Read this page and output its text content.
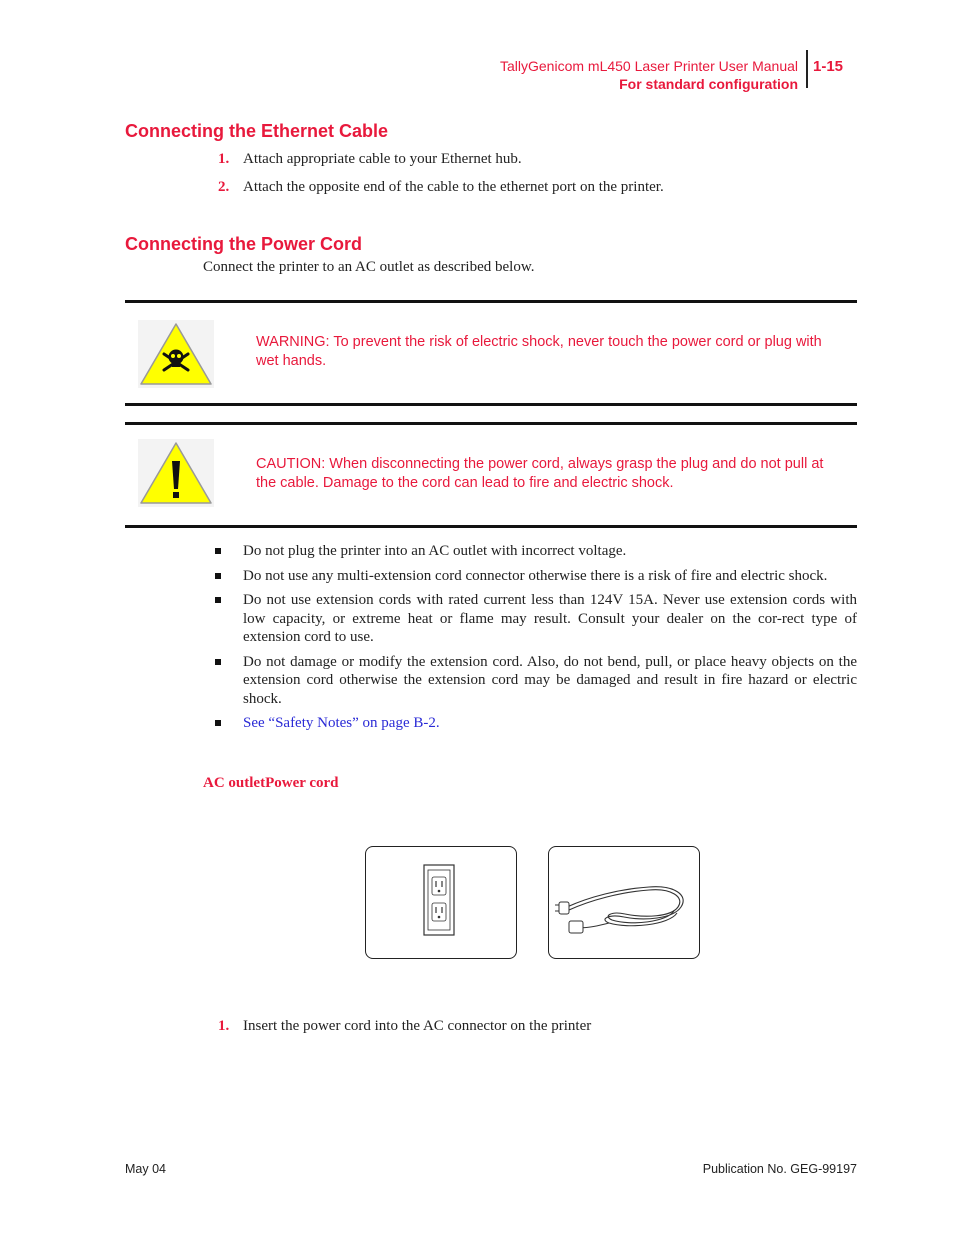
TallyGenicom mL450 Laser Printer User Manual
For standard configuration
1-15
Connecting the Ethernet Cable
1. Attach appropriate cable to your Ethernet hub.
2. Attach the opposite end of the cable to the ethernet port on the printer.
Connecting the Power Cord
Connect the printer to an AC outlet as described below.
WARNING: To prevent the risk of electric shock, never touch the power cord or plug with wet hands.
CAUTION: When disconnecting the power cord, always grasp the plug and do not pull at the cable. Damage to the cord can lead to fire and electric shock.
Do not plug the printer into an AC outlet with incorrect voltage.
Do not use any multi-extension cord connector otherwise there is a risk of fire and electric shock.
Do not use extension cords with rated current less than 124V 15A. Never use extension cords with low capacity, or extreme heat or flame may result. Consult your dealer on the cor-rect type of extension cord to use.
Do not damage or modify the extension cord. Also, do not bend, pull, or place heavy objects on the extension cord otherwise the extension cord may be damaged and result in fire hazard or electric shock.
See “Safety Notes” on page B-2.
AC outletPower cord
1. Insert the power cord into the AC connector on the printer
May 04	Publication No. GEG-99197
